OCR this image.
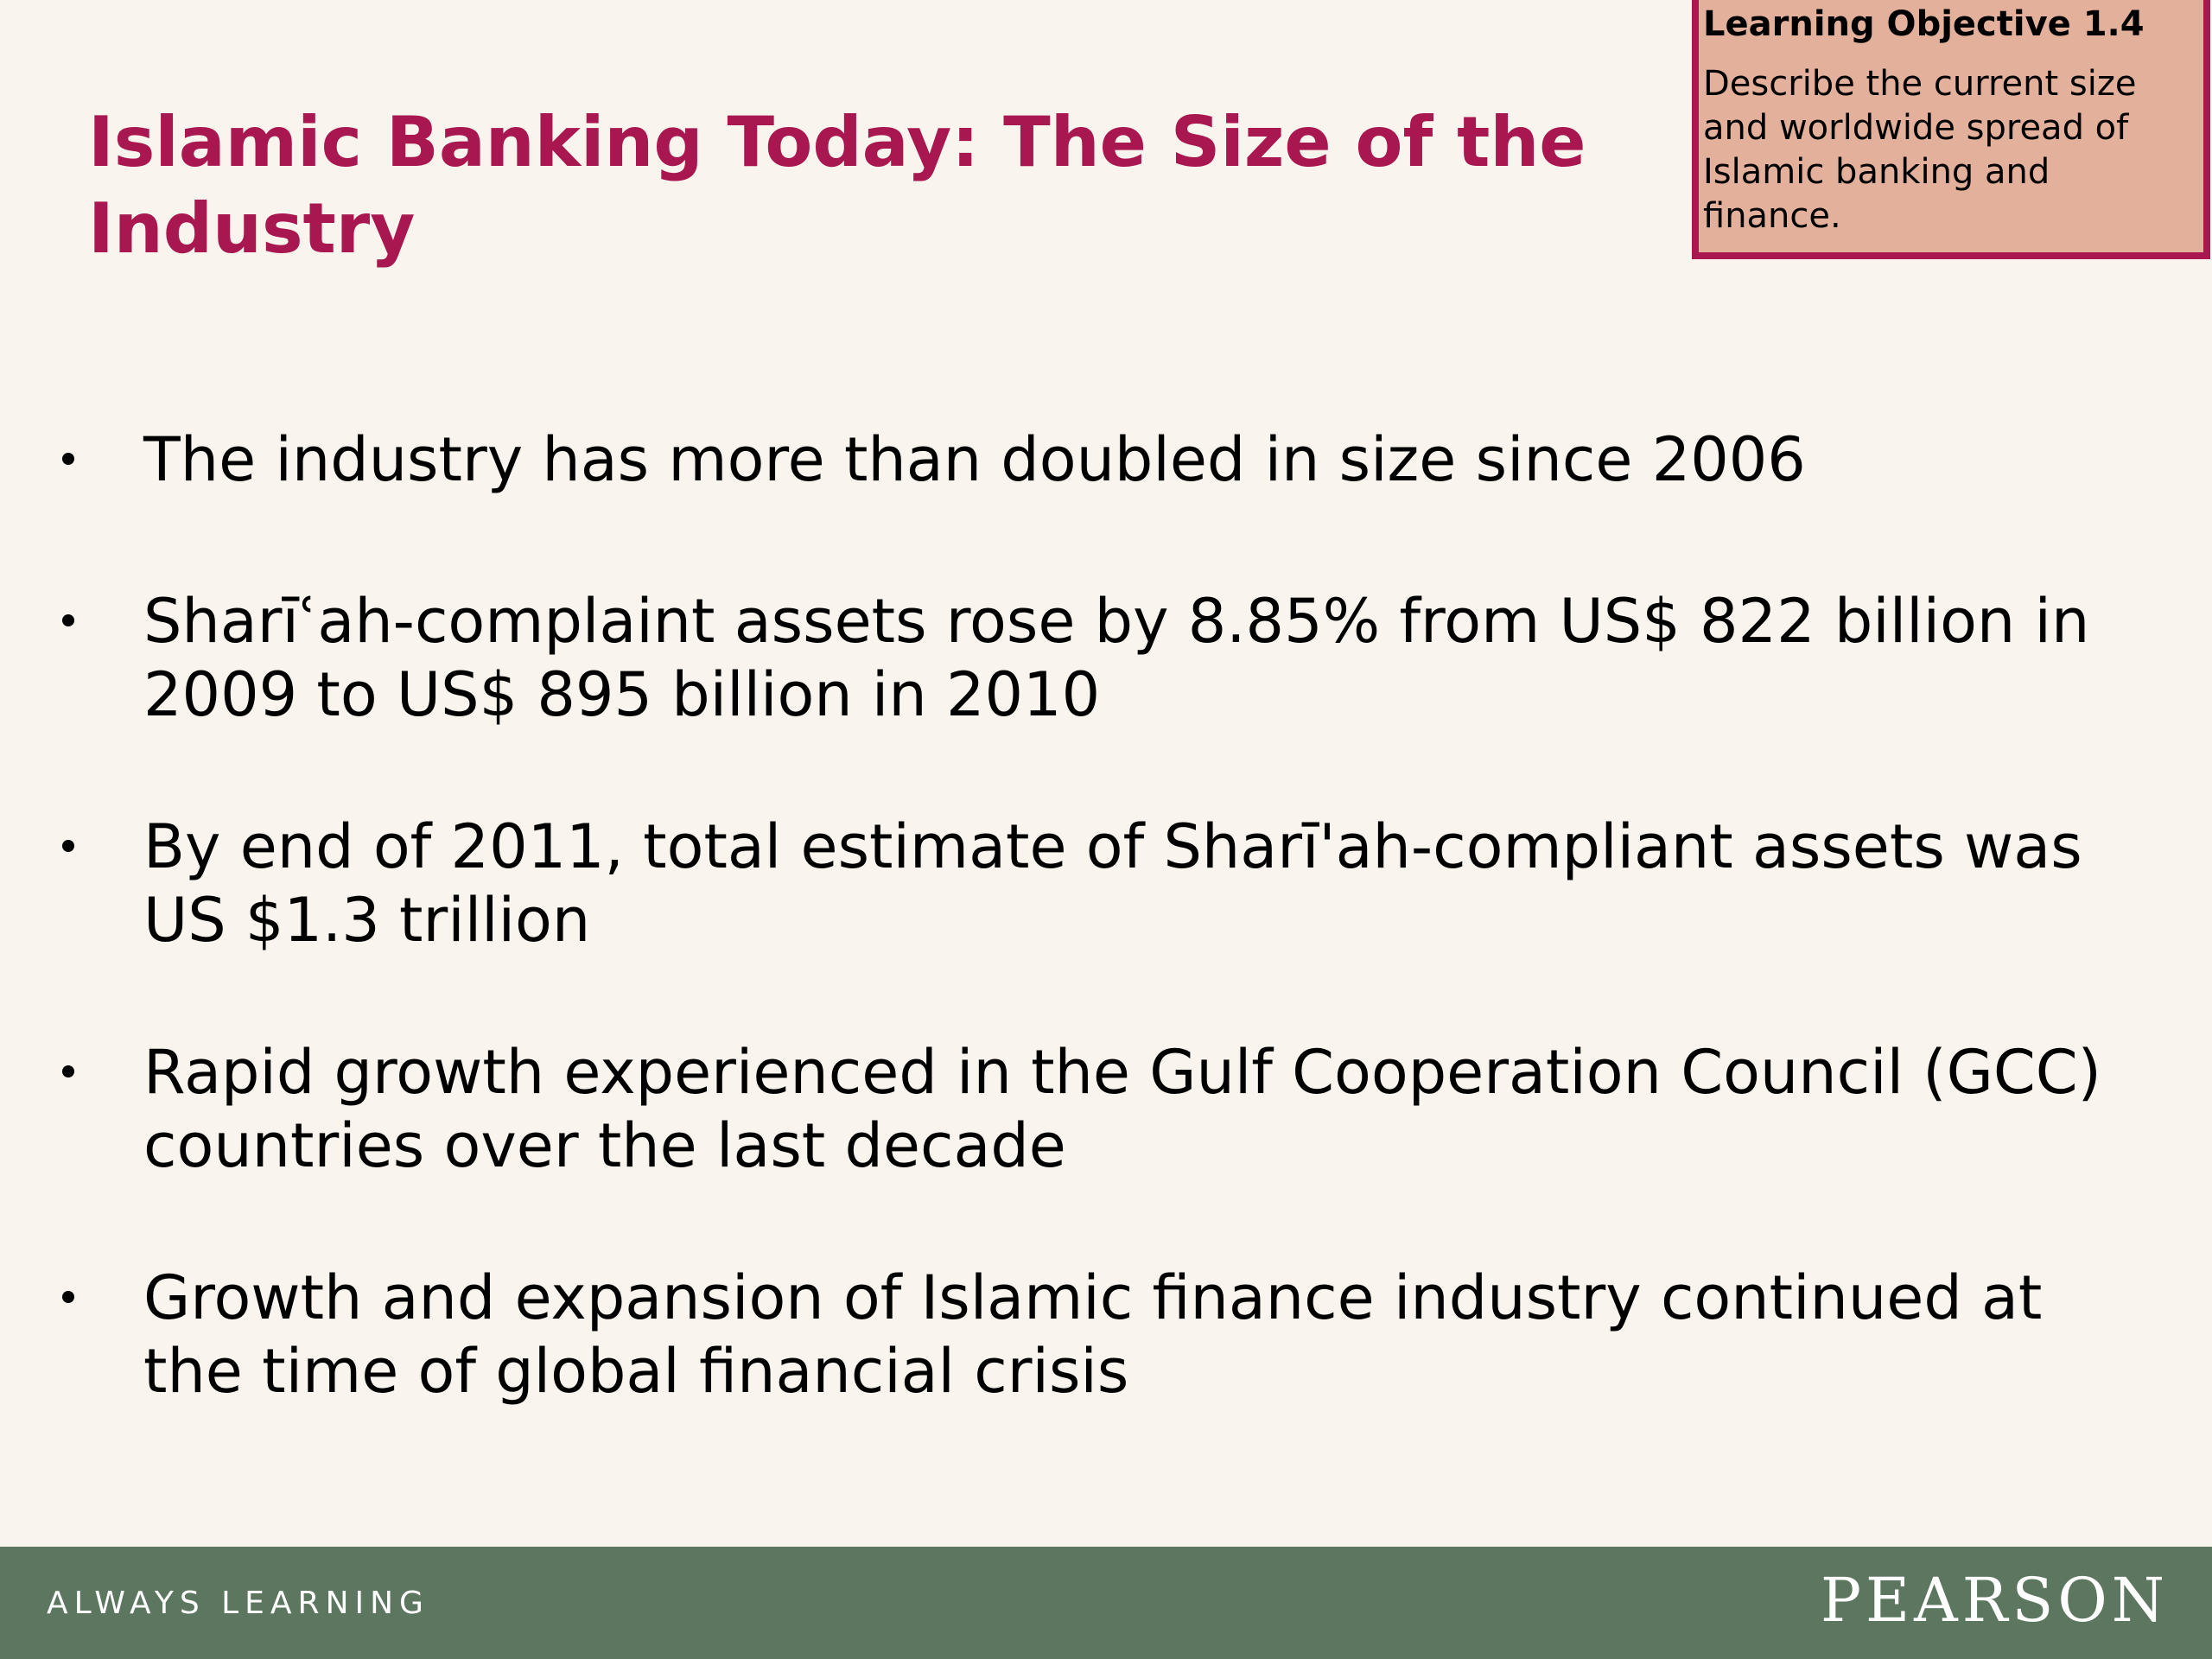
Islamic Banking Today: The Size of the Industry
Learning Objective 1.4
Describe the current size and worldwide spread of Islamic banking and finance.
The industry has more than doubled in size since 2006
Sharīʿah-complaint assets rose by 8.85% from US$ 822 billion in 2009 to US$ 895 billion in 2010
By end of 2011, total estimate of Sharī'ah-compliant assets was US $1.3 trillion
Rapid growth experienced in the Gulf Cooperation Council (GCC) countries over the last decade
Growth and expansion of Islamic finance industry continued at the time of global financial crisis
ALWAYS LEARNING	PEARSON
